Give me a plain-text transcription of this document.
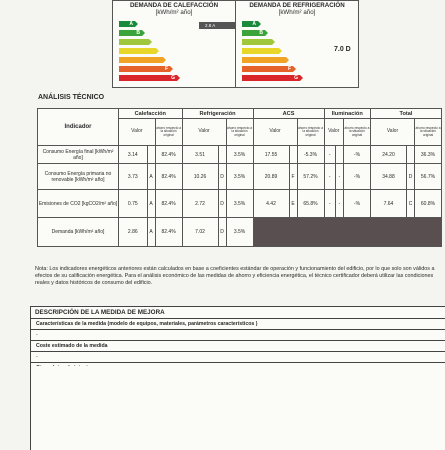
DEMANDA DE CALEFACCIÓN
[kWh/m² año]
A
B
F
G
2.8 A
DEMANDA DE REFRIGERACIÓN
[kWh/m² año]
A
B
F
G
7.0 D
ANÁLISIS TÉCNICO
Indicador	Calefacción			Refrigeración			ACS			Iluminación			Total		
	Valor		ahorro respecto a la situación original	Valor		ahorro respecto a la situación original	Valor		ahorro respecto a la situación original	Valor		ahorro respecto a la situación original	Valor		ahorro respecto a la situación original
Consumo Energía final [kWh/m² año]	3.14		82.4%	3.51		3.5%	17.55		-5.3%	-		-%	24.20		36.3%
Consumo Energía primaria no renovable [kWh/m² año]	3.73	A	82.4%	10.26	D	3.5%	20.89	F	57.2%	-	-	-%	34.88	D	56.7%
Emisiones de CO2 [kgCO2/m² año]	0.75	A	82.4%	2.72	D	3.5%	4.42	E	65.8%	-	-	-%	7.64	C	60.8%
Demanda [kWh/m² año]	2.86	A	82.4%	7.02	D	3.5%									
Nota: Los indicadores energéticos anteriores están calculados en base a coeficientes estándar de operación y funcionamiento del edificio, por lo que solo son válidos a efectos de su calificación energética. Para el análisis económico de las medidas de ahorro y eficiencia energética, el técnico certificador deberá utilizar las condiciones reales y datos históricos de consumo del edificio.
DESCRIPCIÓN DE LA MEDIDA DE MEJORA
Características de la medida (modelo de equipos, materiales, parámetros característicos )
-
Coste estimado de la medida
-
